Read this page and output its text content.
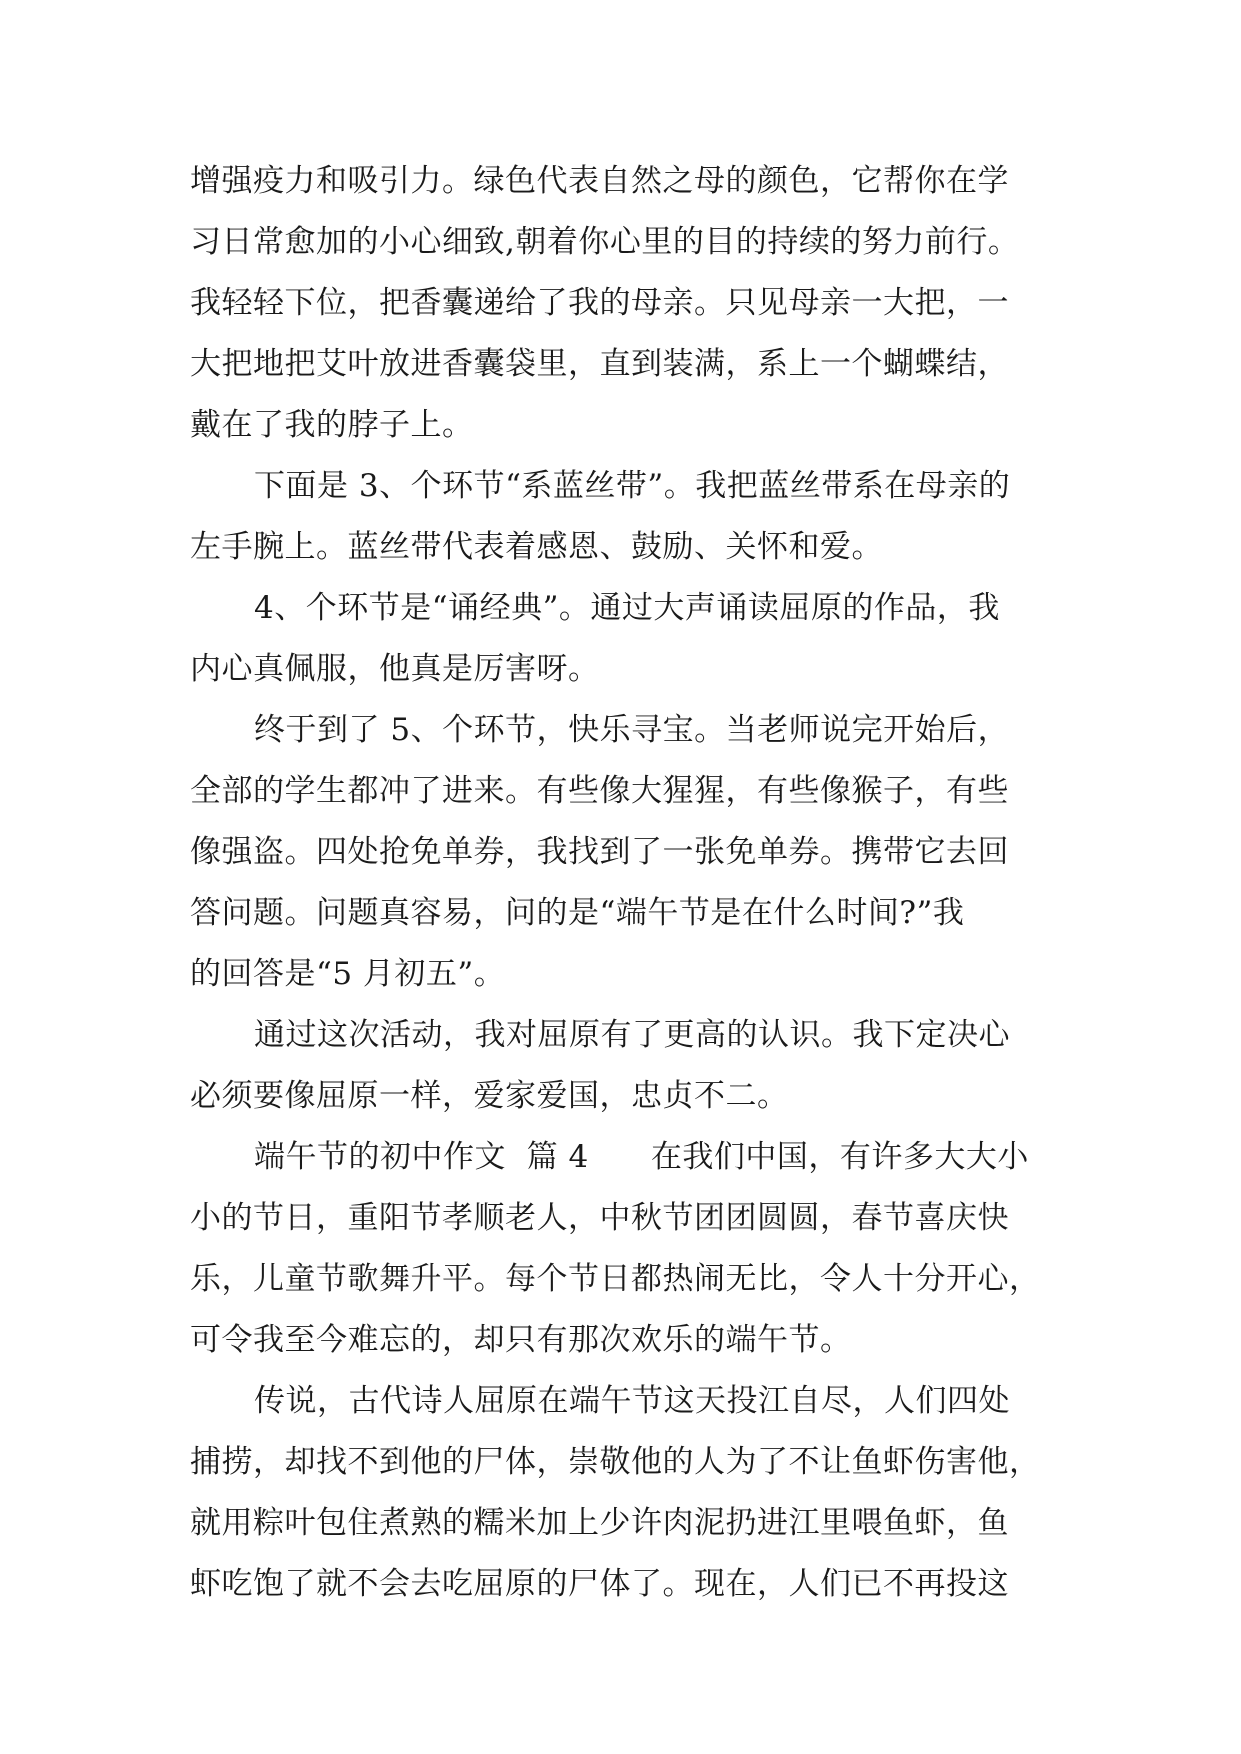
增强疫力和吸引力。绿色代表自然之母的颜色，它帮你在学
习日常愈加的小心细致,朝着你心里的目的持续的努力前行。
我轻轻下位，把香囊递给了我的母亲。只见母亲一大把，一
大把地把艾叶放进香囊袋里，直到装满，系上一个蝴蝶结，
戴在了我的脖子上。
下面是 3、个环节“系蓝丝带”。我把蓝丝带系在母亲的
左手腕上。蓝丝带代表着感恩、鼓励、关怀和爱。
4、个环节是“诵经典”。通过大声诵读屈原的作品，我
内心真佩服，他真是厉害呀。
终于到了 5、个环节，快乐寻宝。当老师说完开始后，
全部的学生都冲了进来。有些像大猩猩，有些像猴子，有些
像强盗。四处抢免单券，我找到了一张免单券。携带它去回
答问题。问题真容易，问的是“端午节是在什么时间?”我
的回答是“5 月初五”。
通过这次活动，我对屈原有了更高的认识。我下定决心
必须要像屈原一样，爱家爱国，忠贞不二。
端午节的初中作文  篇 4      在我们中国，有许多大大小
小的节日，重阳节孝顺老人，中秋节团团圆圆，春节喜庆快
乐，儿童节歌舞升平。每个节日都热闹无比，令人十分开心，
可令我至今难忘的，却只有那次欢乐的端午节。
传说，古代诗人屈原在端午节这天投江自尽，人们四处
捕捞，却找不到他的尸体，崇敬他的人为了不让鱼虾伤害他，
就用粽叶包住煮熟的糯米加上少许肉泥扔进江里喂鱼虾，鱼
虾吃饱了就不会去吃屈原的尸体了。现在，人们已不再投这
